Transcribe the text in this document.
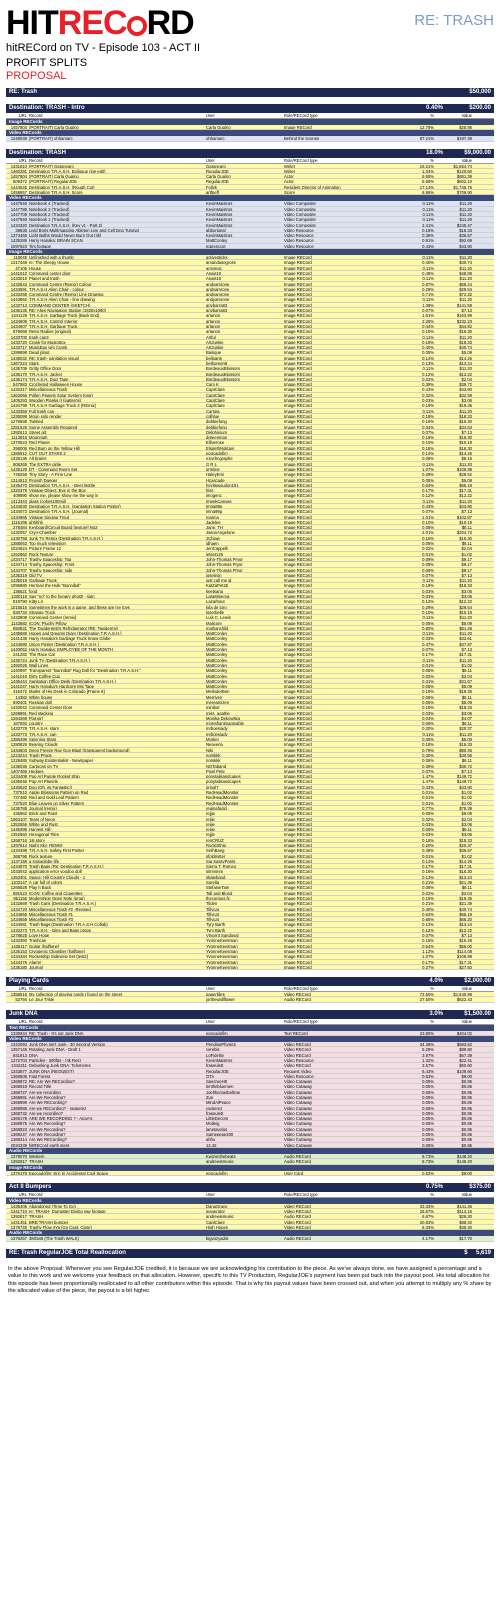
HITREC RD	RE: TRASH
hitRECord on TV - Episode 103 - ACT II
PROFIT SPLITS
PROPOSAL
RE: Trash	$50,000
Destination: TRASH - Intro	0.40%	$200.00
URL Record	User	Role/RECord type	%	Value
Image RECords
1457904 (PORTRAIT) Carla Gugino	Carla Gugino	Image RECord	12.79%	$25.95
Video RECords
1248038 (PORTRAIT) ohhamarc	ohhamarc	Behind the Scenes	87.21%	$197.39
Destination: TRASH	18.0%	$9,000.00
URL Record	User	Role/RECord type	%	Value
1431810 (PORTRAIT) Gatonegro	Gatonegro	Writer	18.21%	$1,654.74
1460291 Destination T.R.A.S.H. Epilogue (joe edit)	RegularJOE	Writer	1.34%	$120.60
1457904 (PORTRAIT) Carla Gugino	Carla Gugino	Actor	6.69%	$681.39
509372 (PORTRAIT) RegularJOE	RegularJOE	Actor	6.69%	$602.10
1444545 Destination T.R.A.S.H. (Rough Cut)	Follyk	Resident Director of Animation	17.14%	$1,745.76
1458657 Destination T.R.A.S.H. Score	artfpeff	Score	6.96%	$709.90
Video RECords
1447946 Notebook 4 (Tracked)	KevinMaistros	Video Composite	0.11%	$11.20
1447789 Notebook 3 (Tracked)	KevinMaistros	Video Composite	0.11%	$11.20
1447709 Notebook 2 (Tracked)	KevinMaistros	Video Composite	0.11%	$11.20
1447693 Notebook 1 (Tracked)	KevinMaistros	Video Composite	0.11%	$11.20
1434320 Destination T.R.A.S.H. (Key v1 - Part 2)	KevinMaistros	Video Composite	2.41%	$245.47
39838 Livid Boris Multimapping Ableton Live and Cell Dna Tutorial	abborignal	Video Resource	0.18%	$18.33
1373465 Light Bulbs Would Never Burn Out (4k)	KevinMaistros	Video Resource	0.36%	$36.67
1435289 Harry Hanaka: BRAIN SCAN	MattConley	Video Resource	0.91%	$92.69
1097923 Tim footage	rppresccot	Video Resource	0.43%	$43.80
Image RECords
118045 Unfinished with a thumb	activesticks	Image RECord	0.11%	$11.20
1317446 re: The Sleepy House	amandasegross	Image RECord	0.40%	$40.74
47105 House	amymac	Image RECord	0.11%	$11.20
1441510 Command center door	Anais10	Image RECord	0.48%	$48.89
1433015 Planet and trash	Anais10	Image RECord	0.11%	$11.20
1433543 Command Centre (Remix) Colour	andyamrone	Image RECord	0.87%	$58.24
1434591 T.R.A.S.H Alien Chair - colour	andyamrone	Image RECord	0.29%	$29.54
1433268 Command Centre (Remix) Line Drawing	andyamrone	Image RECord	0.71%	$72.32
1443862 T.R.A.S.H Alien Chair - line drawing	andyamrone	Image RECord	0.11%	$11.20
1433713 COMMAND CENTER (SKETCH)	anybarra83	Image RECord	1.39%	$141.58
1436135 RE: Alien Navigation Station (1920x1080)	anybarra83	Image RECord	0.07%	$7.13
1441129 T.R.A.S.H. Garbage Truck (Back End)	artanon	Image RECord	1.61%	$163.99
1434609 T.R.A.S.H. Control Interior	artanon	Image RECord	2.28%	$232.23
1434607 T.R.A.S.H. Garbage Truck	artanon	Image RECord	0.44%	$44.82
879068 Retro Radios (original)	artanon	Image RECord	0.16%	$16.30
1433700 trash can3	Artful	Image RECord	0.11%	$11.20
1433720 Crank for MusicBox	ArtJunkie	Image RECord	0.18%	$18.33
1433717 MusicBox w/o Crank	ArtJunkie	Image RECord	0.40%	$40.74
1289898 Dead plant.	Basique	Image RECord	0.05%	$5.09
1436032 RE: trash- sanitation visual	bellaarts	Image RECord	0.14%	$14.26
1367224 Stars	bethgreen8	Image RECord	0.13%	$13.24
1435709 Gritty Office Door	BordeauxBlossom	Image RECord	0.11%	$11.20
1436170 T.R.A.S.H. Jacket	BordeauxBlossom	Image RECord	0.12%	$12.22
1436174 T.R.A.S.H. Duct Tape	BordeauxBlossom	Image RECord	0.02%	$2.04
547983 Crocheted Halloween House	Cam K	Image RECord	0.39%	$39.72
1432317 Miscellaneous Trash	CaptClare	Image RECord	0.43%	$43.80
1363066 Pollen Planets Solar System (png)	CaptClare	Image RECord	0.32%	$32.59
1405293 Wooden Planks (I (patterns)	CaptClare	Image RECord	0.03%	$3.06
1434798 T.R.A.S.H Garbage Truck 2 (REmix)	CaptClare	Image RECord	0.19%	$19.35
1433358 Full trash can	Carsea	Image RECord	0.11%	$11.20
1335099 Moon solo render	colblue	Image RECord	0.18%	$18.33
1276588 Twisted	debbiefong	Image RECord	0.16%	$16.30
1281525 Some Assembly Required	debbiefong	Image RECord	0.34%	$34.63
1392613 Street art.	Delphinium	Image RECord	0.07%	$7.13
1113818 Moonnigh	dgreenman	Image RECord	0.16%	$16.30
1370523 Red Planet	Elliverose	Image RECord	0.10%	$10.19
398006 Red Barn on the Yellow Hill	ElspethNoktavi	Image RECord	0.16%	$16.30
1386912 CUT OUT STARS 2	epocadofim	Image RECord	0.14%	$14.26
1425136 Alt brains	ezachngraphe	Image RECord	0.08%	$8.15
906269 The EXTRA girlie	G R L	Image RECord	0.11%	$11.20
1435129 DT - Command Room Set	grmline	Image RECord	1.07%	$108.98
748258 Tiny Story - A Fine Line	HaleyErin	Image RECord	0.28%	$28.52
1314513 Finnish Danger	Hcascade	Image RECord	0.05%	$5.09
1435470 Destination T.R.A.S.H. - Beer Bottle	heyitswoudon101	Image RECord	0.64%	$65.19
1320379 Vintage Object: Eve in the Box	hiss	Image RECord	0.17%	$17.31
409890 show me, please show me the way in	imogenc	Image RECord	0.12%	$12.22
1413343 glass (colors100mil)	ImeekCanvas	Image RECord	0.11%	$11.20
1434630 Destination T.R.A.S.H. (Sanitation Station Poster)	Imna99p	Image RECord	0.43%	$43.80
1434073 Destination T.R.A.S.H. (Journal)	imna99p	Image RECord	0.07%	$7.13
1434965 Vintage Singing Trout	Ioanna	Image RECord	1.01%	$102.87
1115195 ahhhhh	Jadelee	Image RECord	0.10%	$10.19
276484 Keyboard/Circuit Board [texture] No2	Jane. TH	Image RECord	0.06%	$6.11
1432057 Cryo-Chamber	JasonAngelone	Image RECord	2.01%	$204.73
1430758 Junk TV Remix (Destination T.R.A.S.H.)	JChiaw	Image RECord	0.16%	$16.30
1388063 Too much television	jdhaen	Image RECord	0.06%	$6.11
1024624 Picture Frame 12	JenCappelli	Image RECord	0.02%	$2.04
1252962 Rock Texture	jetset125	Image RECord	0.01%	$1.02
1434717 Trashy Spaceship: Top	John-Thomas Pryor	Image RECord	0.09%	$9.17
1434714 Trashy Spaceship: Front	John-Thomas Pryor	Image RECord	0.09%	$9.17
1434707 Trashy Spaceship: side	John-Thomas Pryor	Image RECord	0.09%	$9.17
1435319 Old TV	joseleon	Image RECord	0.07%	$7.13
1435019 Garbage Truck	just call me al	Image RECord	0.11%	$11.20
1095880 Herman the Hulk "Bunnibal"	KatZaPet25	Image RECord	0.18%	$18.33
136521 food	keetsana	Image RECord	0.03%	$3.06
1330118 Say "no" to the hungry ghost! - sign	LaraMinerva	Image RECord	0.03%	$3.06
819790 Kitty Lit	Lazarbout	Image RECord	0.12%	$12.22
1016516 Sometimes the work is a game, and these are my toys	lola de toro	Image RECord	0.29%	$29.54
930734 Strange Truck	loserbelle	Image RECord	0.10%	$10.19
1433909 Command Center (remix)	Luis C. Lewis	Image RECord	0.11%	$11.20
1143682 ICON: Pluchy Pillow	Malicore	Image RECord	0.05%	$5.09
850831 The Taxidermist's Refridgerator (RE: Taxidermy)	marlianchild	Image RECord	0.80%	$81.48
1435688 Hopes and Dreams Diary (Destination T.R.A.S.H.)	MattConley	Image RECord	0.11%	$11.20
1441435 Harry Hanaka's Garbage Truck Snow Globe	MattConley	Image RECord	0.33%	$33.61
1434690 Union Poster (Destination T.R.A.S.H.)	MattConley	Image RECord	0.47%	$47.87
1440052 Harry Hanaka: EMPLOYEE OF THE MONTH	MattConley	Image RECord	0.07%	$7.13
241282 The Race Car	MattConley	Image RECord	0.17%	$17.31
1435724 Junk TV (Destination T.R.A.S.H.)	MattConley	Image RECord	0.11%	$11.20
1392026 Wall Lines	MattConley	Image RECord	0.01%	$1.02
1440997 Transparent "Bunnibal" Rag Doll for "Destination T.R.A.S.H."	MattConley	Image RECord	0.06%	$6.11
1441019 Dirty Coffee Cup	MattConley	Image RECord	0.02%	$2.04
1435444 Sanitation Office Desk (Destination T.R.A.S.H.)	MattConley	Image RECord	0.31%	$31.57
1441047 Harry Hanaka's Hardcore Mix Tape	MattConley	Image RECord	0.05%	$5.09
416472 Marks of His Desk in Colorado [Frame 6]	MelinderBen	Image RECord	0.19%	$19.35
14382 White house	Merriven	Image RECord	0.06%	$6.11
930401 Russian doll	mereamizen	Image RECord	0.05%	$5.09
1433042 Command Center Door	minibot	Image RECord	0.18%	$18.33
1268891 Red stacking	miss_agathe	Image RECord	0.03%	$3.06
1284269 Flat girl	Monika Dekowska	Image RECord	0.04%	$4.07
167692 country	morethanimaginable	Image RECord	0.06%	$6.11
1433778 T.R.A.S.H. stars	mrboesiady	Image RECord	0.20%	$20.37
1433773 T.R.A.S.H. can	mrboesiady	Image RECord	0.11%	$11.20
1386499 Spinning Stars	Murker	Image RECord	0.05%	$5.09
1280826 Bearing Clouds	Neaveria	Image RECord	0.18%	$18.33
1434603 Deep Freeze Ray Gun Blast (transparent background)	Niki	Image RECord	0.79%	$80.46
1223244 Trash Props	norskkk	Image RECord	0.30%	$30.56
1228485 Subway Existentialist - Newspaper	norskkk	Image RECord	0.06%	$6.11
1436036 Cartoons on TV	NOTaband	Image RECord	0.39%	$39.72
1407466 Hedges	Pixel Pete	Image RECord	0.07%	$7.13
1434408 Pop Art Purple Rocket Ship	ponytailsandcapes	Image RECord	1.47%	$149.72
1435046 Pop Art Planets	ponytailsandcapes	Image RECord	1.47%	$149.72
1430620 Dog (Oh, its Fantastic!)	pringl7	Image RECord	0.43%	$43.80
737510 Apple Blossoms Pattern on Red	RedHeadMonster	Image RECord	0.01%	$1.02
737480 Red and Gold Leaf Pattern	RedHeadMonster	Image RECord	0.01%	$1.02
737520 Blue Leaves on Silver Pattern	RedHeadMonster	Image RECord	0.01%	$1.02
1435788 Journal (remix)	reginafgold	Image RECord	0.77%	$78.39
436962 Brick and Paint	rejjie	Image RECord	0.05%	$5.09
1063107 Tears of Neon	rejjie	Image RECord	0.02%	$2.04
1352556 White and Rust	rejjie	Image RECord	0.03%	$3.06
1445396 Harvest Hill	rejjie	Image RECord	0.06%	$6.11
1352550 Hexagonal Tiles	rejjie	Image RECord	0.03%	$3.06
1268716 1st story	renCRUZ	Image RECord	0.18%	$18.33
1397614 Night Sky: REMIX	RockitShip	Image RECord	0.20%	$20.37
1434398 T.R.A.S.H. Safety First Poster	SethBang	Image RECord	0.36%	$36.67
368796 Rock texture	sfoldmitter	Image RECord	0.01%	$1.02
1137156 a snowglobe life	Sia SassyPants	Image RECord	0.14%	$14.26
1434870 Trash Bags (Re: Destination T.R.A.S.H.)	Sierra T. Romeo	Image RECord	0.17%	$17.31
1033042 application error voodoo doll	simmmm	Image RECord	0.16%	$16.30
1353401 Space: Hill Country Clouds - 1	skateband	Image RECord	0.13%	$13.24
1103147 A car full of colors	Sorella	Image RECord	0.21%	$21.39
1266528 Play It Back	StefanieTam	Image RECord	0.06%	$6.11
891523 ICON: Coffee and Cigarettes	Tall and Blond	Image RECord	0.02%	$2.04
951156 ModernNoir Open Note (prop)	thecurious.fx	Image RECord	0.19%	$19.35
1432669 Trash Cans (Destination T.R.A.S.H.)	Tilden	Image RECord	0.21%	$21.39
1434720 Miscellaneous Trash #2 -Revised	Tillycat	Image RECord	0.40%	$40.74
1434656 Miscellaneous Trash #1	Tillycat	Image RECord	0.64%	$65.19
1434658 Miscellaneous Trash #3	Tillycat	Image RECord	0.65%	$66.20
1434081 Trash Bags (Destination T.R.A.S.H Collab)	Tyry Barth	Image RECord	0.13%	$13.24
1432273 T.R.A.S.H. - Bins and Bags props	Tyry Barth	Image RECord	0.12%	$12.22
1278825 Love Hope	Vincent Sandoval	Image RECord	0.07%	$7.13
1433360 Trashcan	YvonneKeesman	Image RECord	0.15%	$15.28
1435117 Guitar (halftone)	YvonneKeesman	Image RECord	0.54%	$55.00
1435153 Cryogenic Chamber (halftone)	YvonneKeesman	Image RECord	1.12%	$114.08
1434284 Rocketship Sideview Set (test2)	YvonneKeesman	Image RECord	1.07%	$108.98
1434476 Alarm!	YvonneKeesman	Image RECord	0.17%	$17.31
1435180 Journal	YvonneKeesman	Image RECord	0.27%	$27.50
Playing Cards	4.0%	$2,000.00
URL Record	User	Role/RECord type	%	Value
1358518 My collection of playing cards I found on the street	paperlilies	Video RECord	72.50%	$1,640.98
52794 Le Jour Triste	jorthewallflower	Audio RECord	27.50%	$622.43
Junk DNA	3.0%	$1,500.00
URL Record	User	Role/RECord type	%	Value
Text RECords
1339934 RE: Trash - It's not Junk DNA	epocadofim	Text RECord	23.80%	$404.02
Video RECords
1342093 Junk DNA Isn't Junk - 30 Second Version	PendingPhysics	Video RECord	34.38%	$583.62
1357145 Rotating Junk DNA - Draft 1	cerebis	Video RECord	5.29%	$89.80
841913 DNA	LoFidelity	Video RECord	3.97%	$67.39
1372703 Particles - 300fps - (4k Res)	KevinMaistros	Video Resource	1.32%	$22.41
1342211 Debunking Junk DNA: Telomeres	fraseulett	Video RECord	3.57%	$60.60
1343877 JUNK DNA (REQUEST)	RegularJOE	Request Video	6.43%	$109.90
1369508 Fast Forest	OTA	Video Resource	0.53%	$9.00
1368872 RE: Are We RECording?	SpecreeH8	Video Cutaway	0.05%	$0.85
1368918 Record Title	timthebluemen	Video Cutaway	0.05%	$0.85
1368727 Are we recording	Joelthomasbeltran	Video Cutaway	0.05%	$0.85
1368991 Are We Recording?	Zue	Video Cutaway	0.05%	$0.85
1368999 Are We RECording?	MindAlPeace	Video Cutaway	0.05%	$0.85
1369085 Are we RECording? - rapperez	rayperez	Video Cutaway	0.05%	$0.85
1368732 Are we recording?	fraseulett	Video Cutaway	0.05%	$0.85
1369178 ARE WE RECORDING ? - AnaA's	LittleDecors	Video Cutaway	0.05%	$0.85
1368975 Are We Recording?	Motleig	Video Cutaway	0.05%	$0.85
1368923 Are We Recording?	lanetayplus	Video Cutaway	0.05%	$0.85
1369247 Are We Recording?	Samepepe200	Video Cutaway	0.05%	$0.85
1369314 Are We RECording?	abhu	Video Cutaway	0.05%	$0.85
2034339 hitRECord earth stent	12.42	Video Cutaway	0.05%	$0.85
Audio RECords
1379070 Western	Kwizonthebeats	Audio RECord	8.73%	$148.20
1392817 TRASH	andrewismusic	Audio RECord	8.73%	$148.20
Image RECords
1375176 Epocadofim: Eric In Accidental Cool Space	epocadofim	User Card	0.53%	$9.00
Act II Bumpers	0.75%	$375.00
URL Record	User	Role/RECord type	%	Value
Video RECords
1435405 Abandoned (Time To Go)	DanaGrace	Video RECord	33.33%	$141.45
1341710 re: TRASH- Dumpster Diving raw footage	jeanerator	Video RECord	26.67%	$113.16
1392817 TRASH	andrewismusic	Audio RECord	6.67%	$28.30
1431451 BRB TRASH bumper	CaptClare	Video RECord	20.83%	$88.40
1378748 Trashy Flow 4Ya (Go Capt. Clare)	High Hopes	Video RECord	8.33%	$35.30
Audio RECords
1376257 3MGeB (The Trash WALK)	bigvozyadot	Audio RECord	4.17%	$17.70
RE: Trash RegularJOE Total Reallocation	$ 5,619
In the above Proposal: Whenever you see RegularJOE credited, it is because we are acknowledging his contribution to the piece. As we've always done, we have assigned a percentage and a value to this work and we welcome your feedback on that allocation. However, specific to this TV Production, RegularJOE's payment has been put back into the payout pool. His total allocation for this episode has been proportionally reallocated to all other contributors within this episode. That is why his payout values have been crossed out, and when you attempt to multiply any % share by the allocated value of the piece, the payout is a bit higher.
